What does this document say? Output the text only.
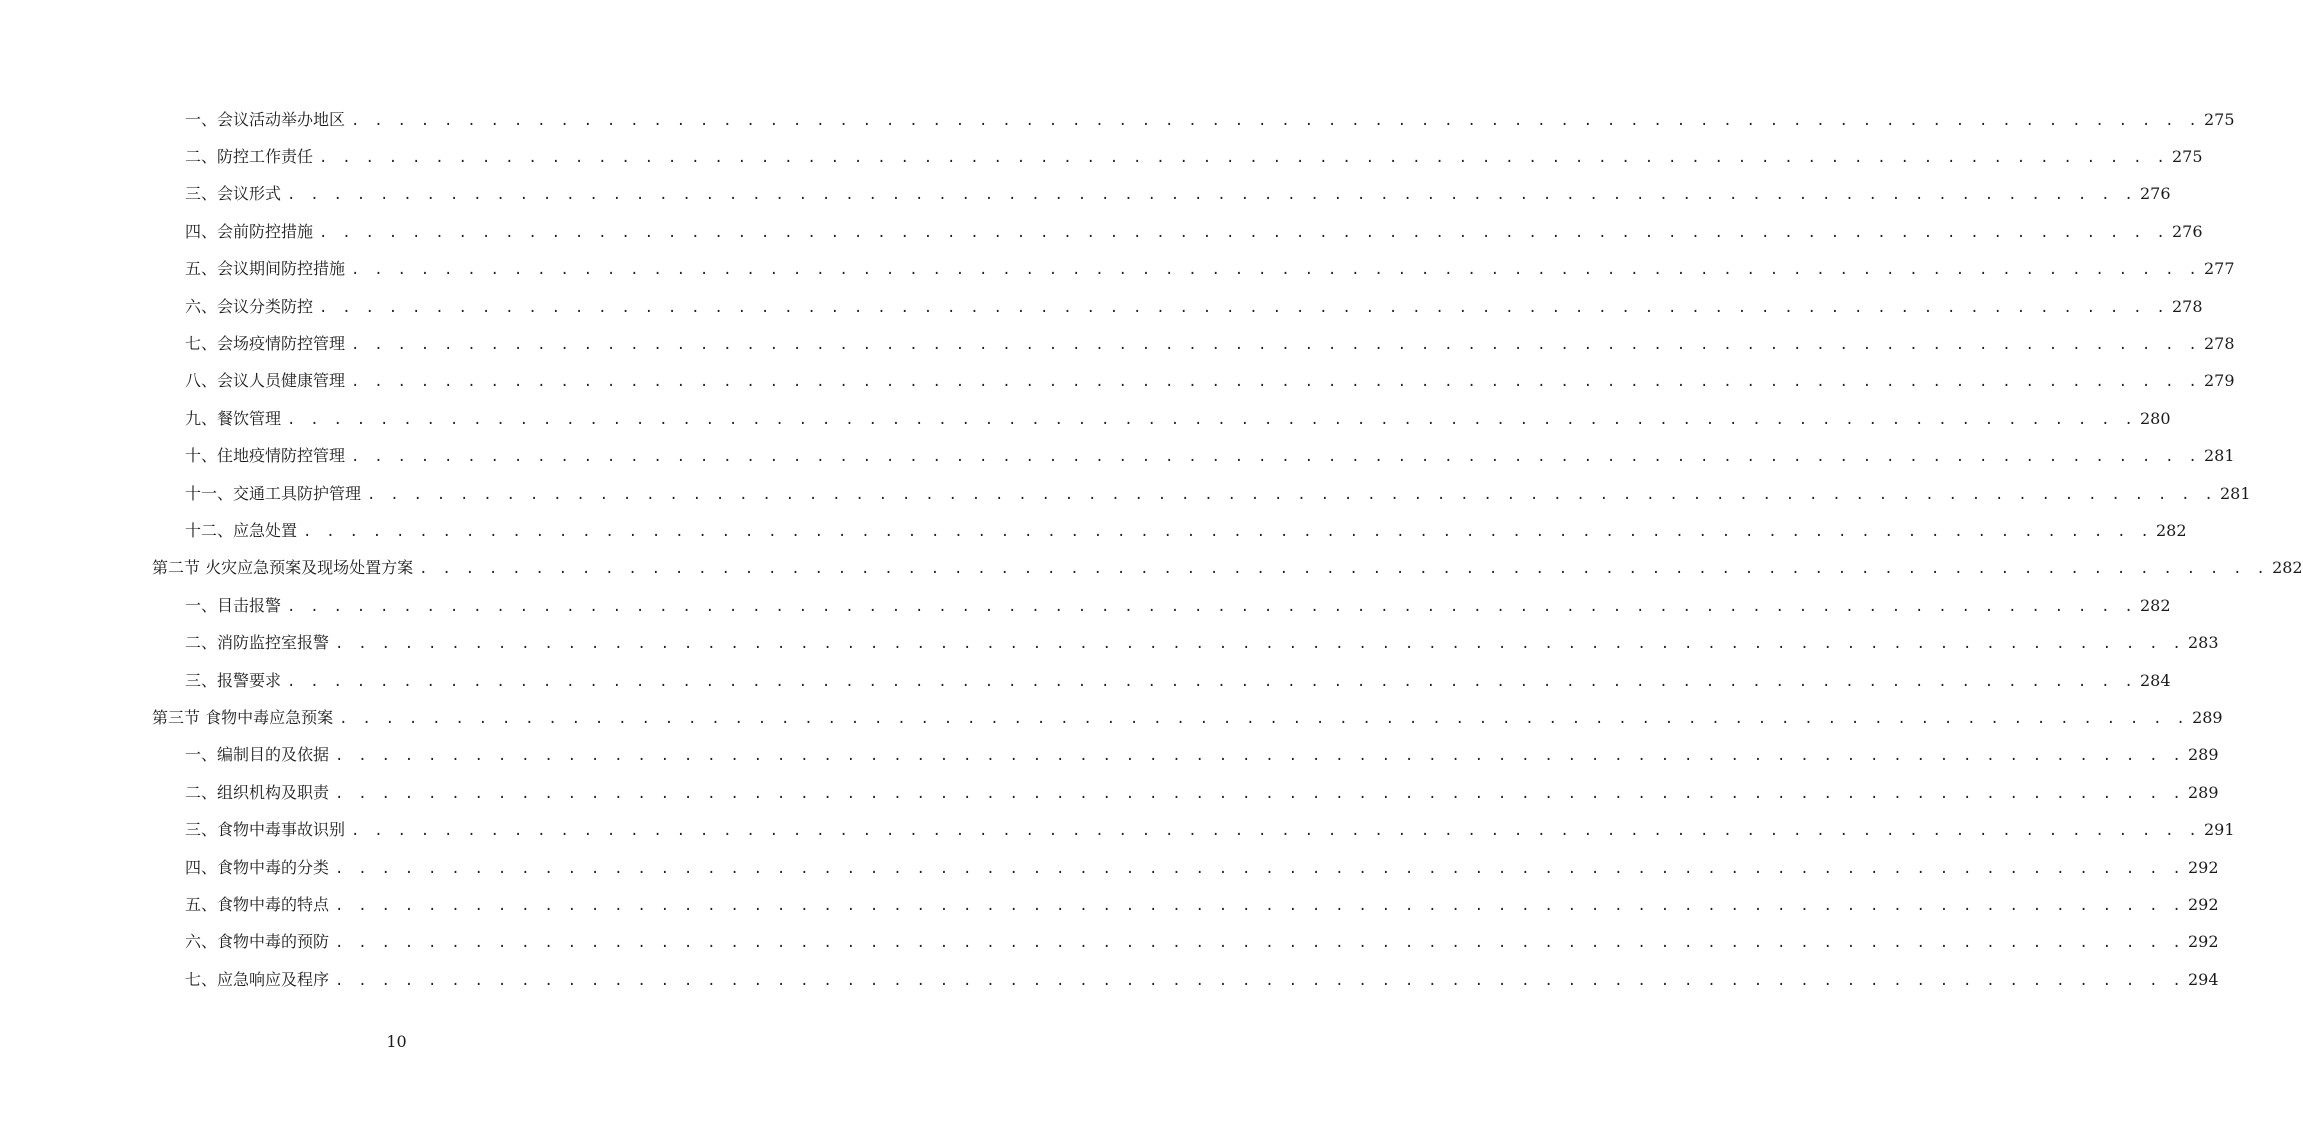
一、会议活动举办地区 . . . . . . . . . . . . . . . . . . . . . . . . . . . . . . . . . . . . . . . . . . . . . . . . . . . . . . . . . . . . . . . . . . . . . . . . . . . . . . . . 275
二、防控工作责任 . . . . . . . . . . . . . . . . . . . . . . . . . . . . . . . . . . . . . . . . . . . . . . . . . . . . . . . . . . . . . . . . . . . . . . . . . . . . . . . . 275
三、会议形式 . . . . . . . . . . . . . . . . . . . . . . . . . . . . . . . . . . . . . . . . . . . . . . . . . . . . . . . . . . . . . . . . . . . . . . . . . . . . . . . . 276
四、会前防控措施 . . . . . . . . . . . . . . . . . . . . . . . . . . . . . . . . . . . . . . . . . . . . . . . . . . . . . . . . . . . . . . . . . . . . . . . . . . . . . . . . 276
五、会议期间防控措施 . . . . . . . . . . . . . . . . . . . . . . . . . . . . . . . . . . . . . . . . . . . . . . . . . . . . . . . . . . . . . . . . . . . . . . . . . . . . . . . . 277
六、会议分类防控 . . . . . . . . . . . . . . . . . . . . . . . . . . . . . . . . . . . . . . . . . . . . . . . . . . . . . . . . . . . . . . . . . . . . . . . . . . . . . . . . 278
七、会场疫情防控管理 . . . . . . . . . . . . . . . . . . . . . . . . . . . . . . . . . . . . . . . . . . . . . . . . . . . . . . . . . . . . . . . . . . . . . . . . . . . . . . . . 278
八、会议人员健康管理 . . . . . . . . . . . . . . . . . . . . . . . . . . . . . . . . . . . . . . . . . . . . . . . . . . . . . . . . . . . . . . . . . . . . . . . . . . . . . . . . 279
九、餐饮管理 . . . . . . . . . . . . . . . . . . . . . . . . . . . . . . . . . . . . . . . . . . . . . . . . . . . . . . . . . . . . . . . . . . . . . . . . . . . . . . . . 280
十、住地疫情防控管理 . . . . . . . . . . . . . . . . . . . . . . . . . . . . . . . . . . . . . . . . . . . . . . . . . . . . . . . . . . . . . . . . . . . . . . . . . . . . . . . . 281
十一、交通工具防护管理 . . . . . . . . . . . . . . . . . . . . . . . . . . . . . . . . . . . . . . . . . . . . . . . . . . . . . . . . . . . . . . . . . . . . . . . . . . . . . . . . 281
十二、应急处置 . . . . . . . . . . . . . . . . . . . . . . . . . . . . . . . . . . . . . . . . . . . . . . . . . . . . . . . . . . . . . . . . . . . . . . . . . . . . . . . . 282
第二节 火灾应急预案及现场处置方案 . . . . . . . . . . . . . . . . . . . . . . . . . . . . . . . . . . . . . . . . . . . . . . . . . . . . . . . . . . . . . . . . . . . . . . . . . . . . . . . . 282
一、目击报警 . . . . . . . . . . . . . . . . . . . . . . . . . . . . . . . . . . . . . . . . . . . . . . . . . . . . . . . . . . . . . . . . . . . . . . . . . . . . . . . . 282
二、消防监控室报警 . . . . . . . . . . . . . . . . . . . . . . . . . . . . . . . . . . . . . . . . . . . . . . . . . . . . . . . . . . . . . . . . . . . . . . . . . . . . . . . . 283
三、报警要求 . . . . . . . . . . . . . . . . . . . . . . . . . . . . . . . . . . . . . . . . . . . . . . . . . . . . . . . . . . . . . . . . . . . . . . . . . . . . . . . . 284
第三节 食物中毒应急预案 . . . . . . . . . . . . . . . . . . . . . . . . . . . . . . . . . . . . . . . . . . . . . . . . . . . . . . . . . . . . . . . . . . . . . . . . . . . . . . . . 289
一、编制目的及依据 . . . . . . . . . . . . . . . . . . . . . . . . . . . . . . . . . . . . . . . . . . . . . . . . . . . . . . . . . . . . . . . . . . . . . . . . . . . . . . . . 289
二、组织机构及职责 . . . . . . . . . . . . . . . . . . . . . . . . . . . . . . . . . . . . . . . . . . . . . . . . . . . . . . . . . . . . . . . . . . . . . . . . . . . . . . . . 289
三、食物中毒事故识别 . . . . . . . . . . . . . . . . . . . . . . . . . . . . . . . . . . . . . . . . . . . . . . . . . . . . . . . . . . . . . . . . . . . . . . . . . . . . . . . . 291
四、食物中毒的分类 . . . . . . . . . . . . . . . . . . . . . . . . . . . . . . . . . . . . . . . . . . . . . . . . . . . . . . . . . . . . . . . . . . . . . . . . . . . . . . . . 292
五、食物中毒的特点 . . . . . . . . . . . . . . . . . . . . . . . . . . . . . . . . . . . . . . . . . . . . . . . . . . . . . . . . . . . . . . . . . . . . . . . . . . . . . . . . 292
六、食物中毒的预防 . . . . . . . . . . . . . . . . . . . . . . . . . . . . . . . . . . . . . . . . . . . . . . . . . . . . . . . . . . . . . . . . . . . . . . . . . . . . . . . . 292
七、应急响应及程序 . . . . . . . . . . . . . . . . . . . . . . . . . . . . . . . . . . . . . . . . . . . . . . . . . . . . . . . . . . . . . . . . . . . . . . . . . . . . . . . . 294
10
